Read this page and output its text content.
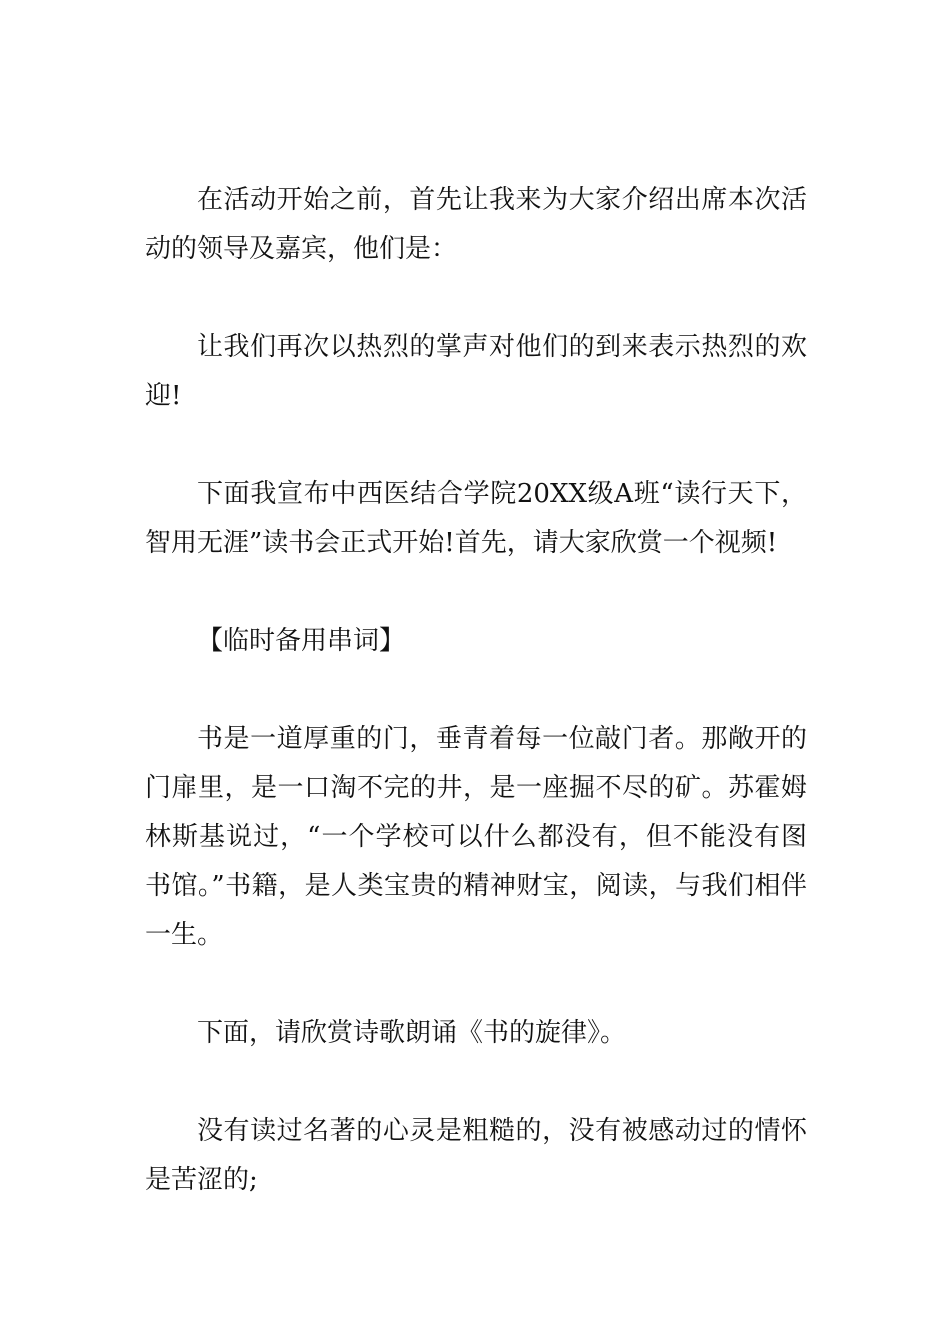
在活动开始之前，首先让我来为大家介绍出席本次活动的领导及嘉宾，他们是：

让我们再次以热烈的掌声对他们的到来表示热烈的欢迎!

下面我宣布中西医结合学院20XX级A班“读行天下，智用无涯”读书会正式开始!首先，请大家欣赏一个视频!

【临时备用串词】

书是一道厚重的门，垂青着每一位敲门者。那敞开的门扉里，是一口淘不完的井，是一座掘不尽的矿。苏霍姆林斯基说过，“一个学校可以什么都没有，但不能没有图书馆。”书籍，是人类宝贵的精神财宝，阅读，与我们相伴一生。

下面，请欣赏诗歌朗诵《书的旋律》。

没有读过名著的心灵是粗糙的，没有被感动过的情怀是苦涩的;
